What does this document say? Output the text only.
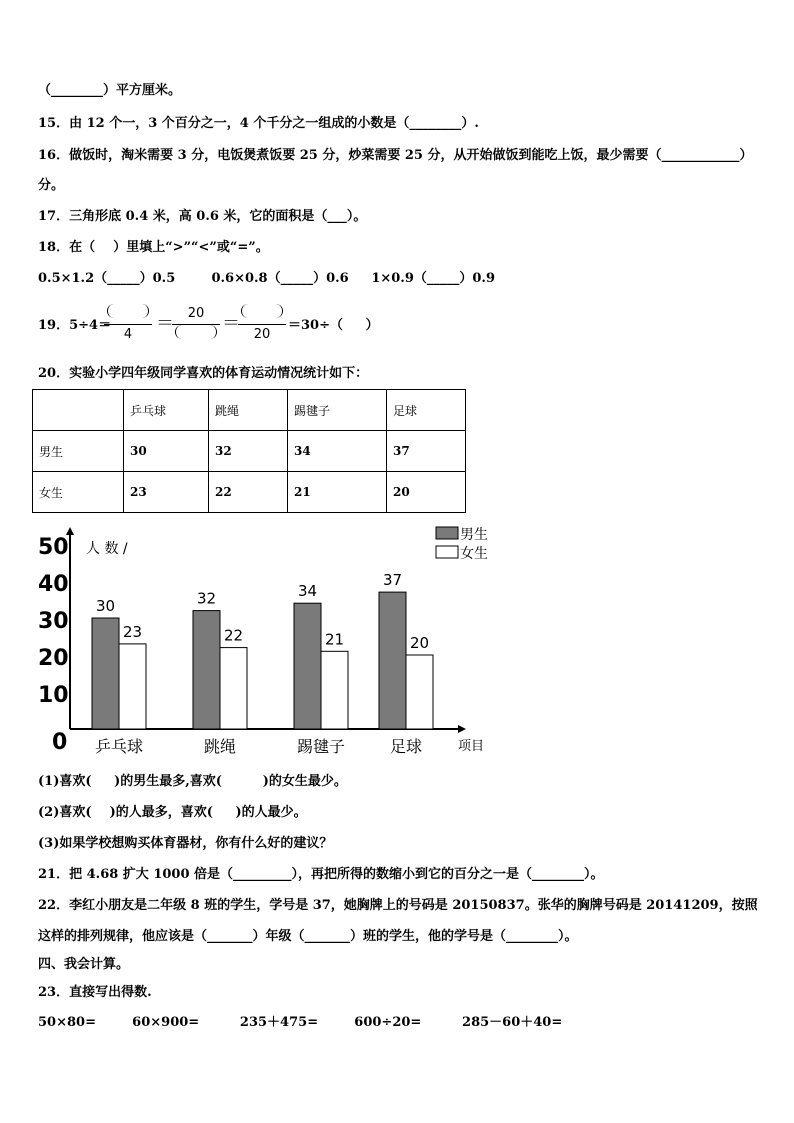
（________）平方厘米。
15．由 12 个一，3 个百分之一，4 个千分之一组成的小数是（________）.
16．做饭时，淘米需要 3 分，电饭煲煮饭要 25 分，炒菜需要 25 分，从开始做饭到能吃上饭，最少需要（____________）
分。
17．三角形底 0.4 米，高 0.6 米，它的面积是（___）。
18．在（    ）里填上“>”“<”或“=”。
0.5×1.2（_____）0.5        0.6×0.8（_____）0.6     1×0.9（_____）0.9
19．5÷4＝
4
＝	20 ＝
20
＝30÷（     ）
20．实验小学四年级同学喜欢的体育运动情况统计如下：
	乒乓球	跳绳	踢毽子	足球
男生	30	32	34	37
女生	23	22	21	20
0
10
20
30
40
50 人 数 /
30
23
乒乓球
32
22
跳绳
34
21
踢毽子
37
20
足球	项目
男生
女生
(1)喜欢(     )的男生最多,喜欢(         )的女生最少。
(2)喜欢(    )的人最多，喜欢(     )的人最少。
(3)如果学校想购买体育器材，你有什么好的建议？
21．把 4.68 扩大 1000 倍是（_________），再把所得的数缩小到它的百分之一是（________）。
22．李红小朋友是二年级 8 班的学生，学号是 37，她胸牌上的号码是 20150837。张华的胸牌号码是 20141209，按照
这样的排列规律，他应该是（_______）年级（_______）班的学生，他的学号是（________）。
四、我会计算。
23．直接写出得数.
50×80=        60×900=         235＋475=        600÷20=         285－60＋40=
